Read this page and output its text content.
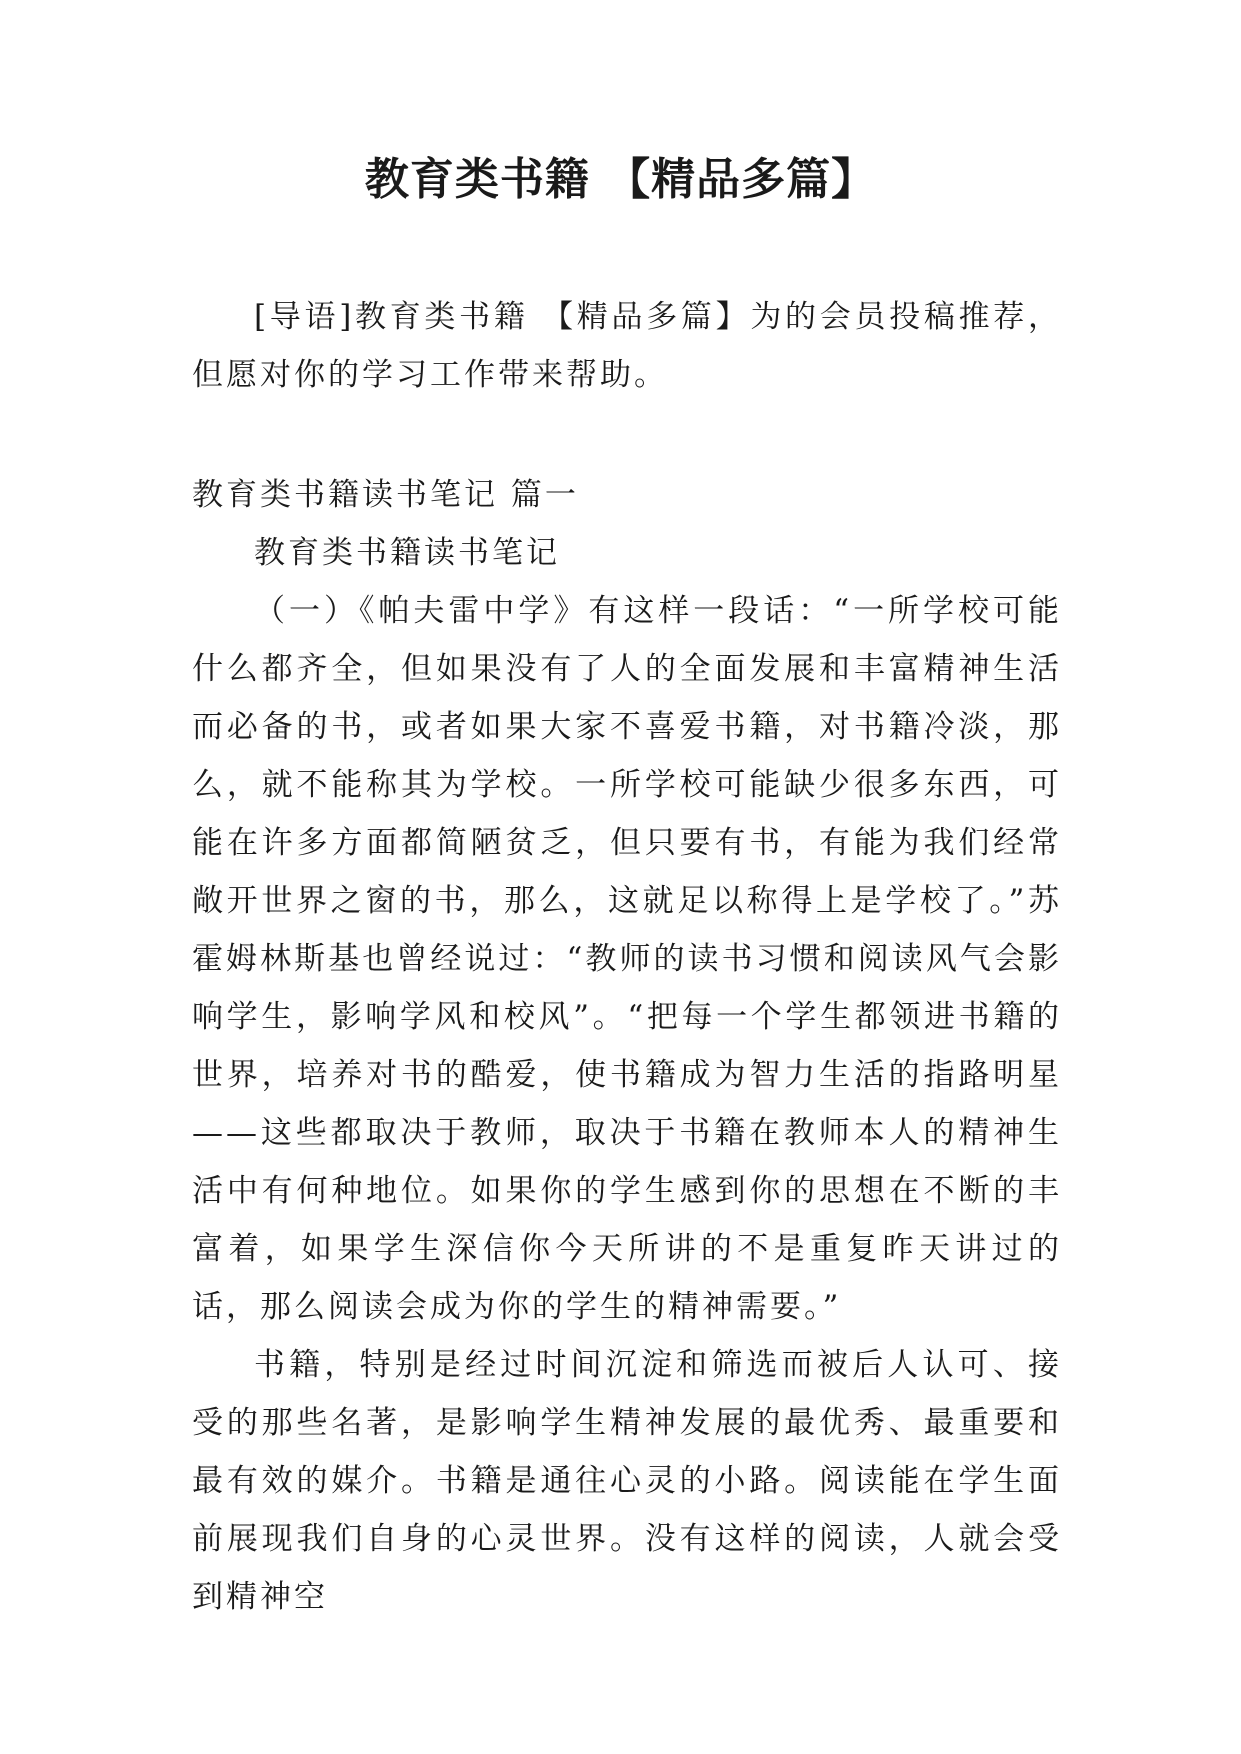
教育类书籍 【精品多篇】

[导语]教育类书籍 【精品多篇】为的会员投稿推荐，但愿对你的学习工作带来帮助。

教育类书籍读书笔记 篇一

教育类书籍读书笔记

（一）《帕夫雷中学》有这样一段话：“一所学校可能什么都齐全，但如果没有了人的全面发展和丰富精神生活而必备的书，或者如果大家不喜爱书籍，对书籍冷淡，那么，就不能称其为学校。一所学校可能缺少很多东西，可能在许多方面都简陋贫乏，但只要有书，有能为我们经常敞开世界之窗的书，那么，这就足以称得上是学校了。”苏霍姆林斯基也曾经说过：“教师的读书习惯和阅读风气会影响学生，影响学风和校风”。“把每一个学生都领进书籍的世界，培养对书的酷爱，使书籍成为智力生活的指路明星——这些都取决于教师，取决于书籍在教师本人的精神生活中有何种地位。如果你的学生感到你的思想在不断的丰富着，如果学生深信你今天所讲的不是重复昨天讲过的话，那么阅读会成为你的学生的精神需要。”

书籍，特别是经过时间沉淀和筛选而被后人认可、接受的那些名著，是影响学生精神发展的最优秀、最重要和最有效的媒介。书籍是通往心灵的小路。阅读能在学生面前展现我们自身的心灵世界。没有这样的阅读，人就会受到精神空
